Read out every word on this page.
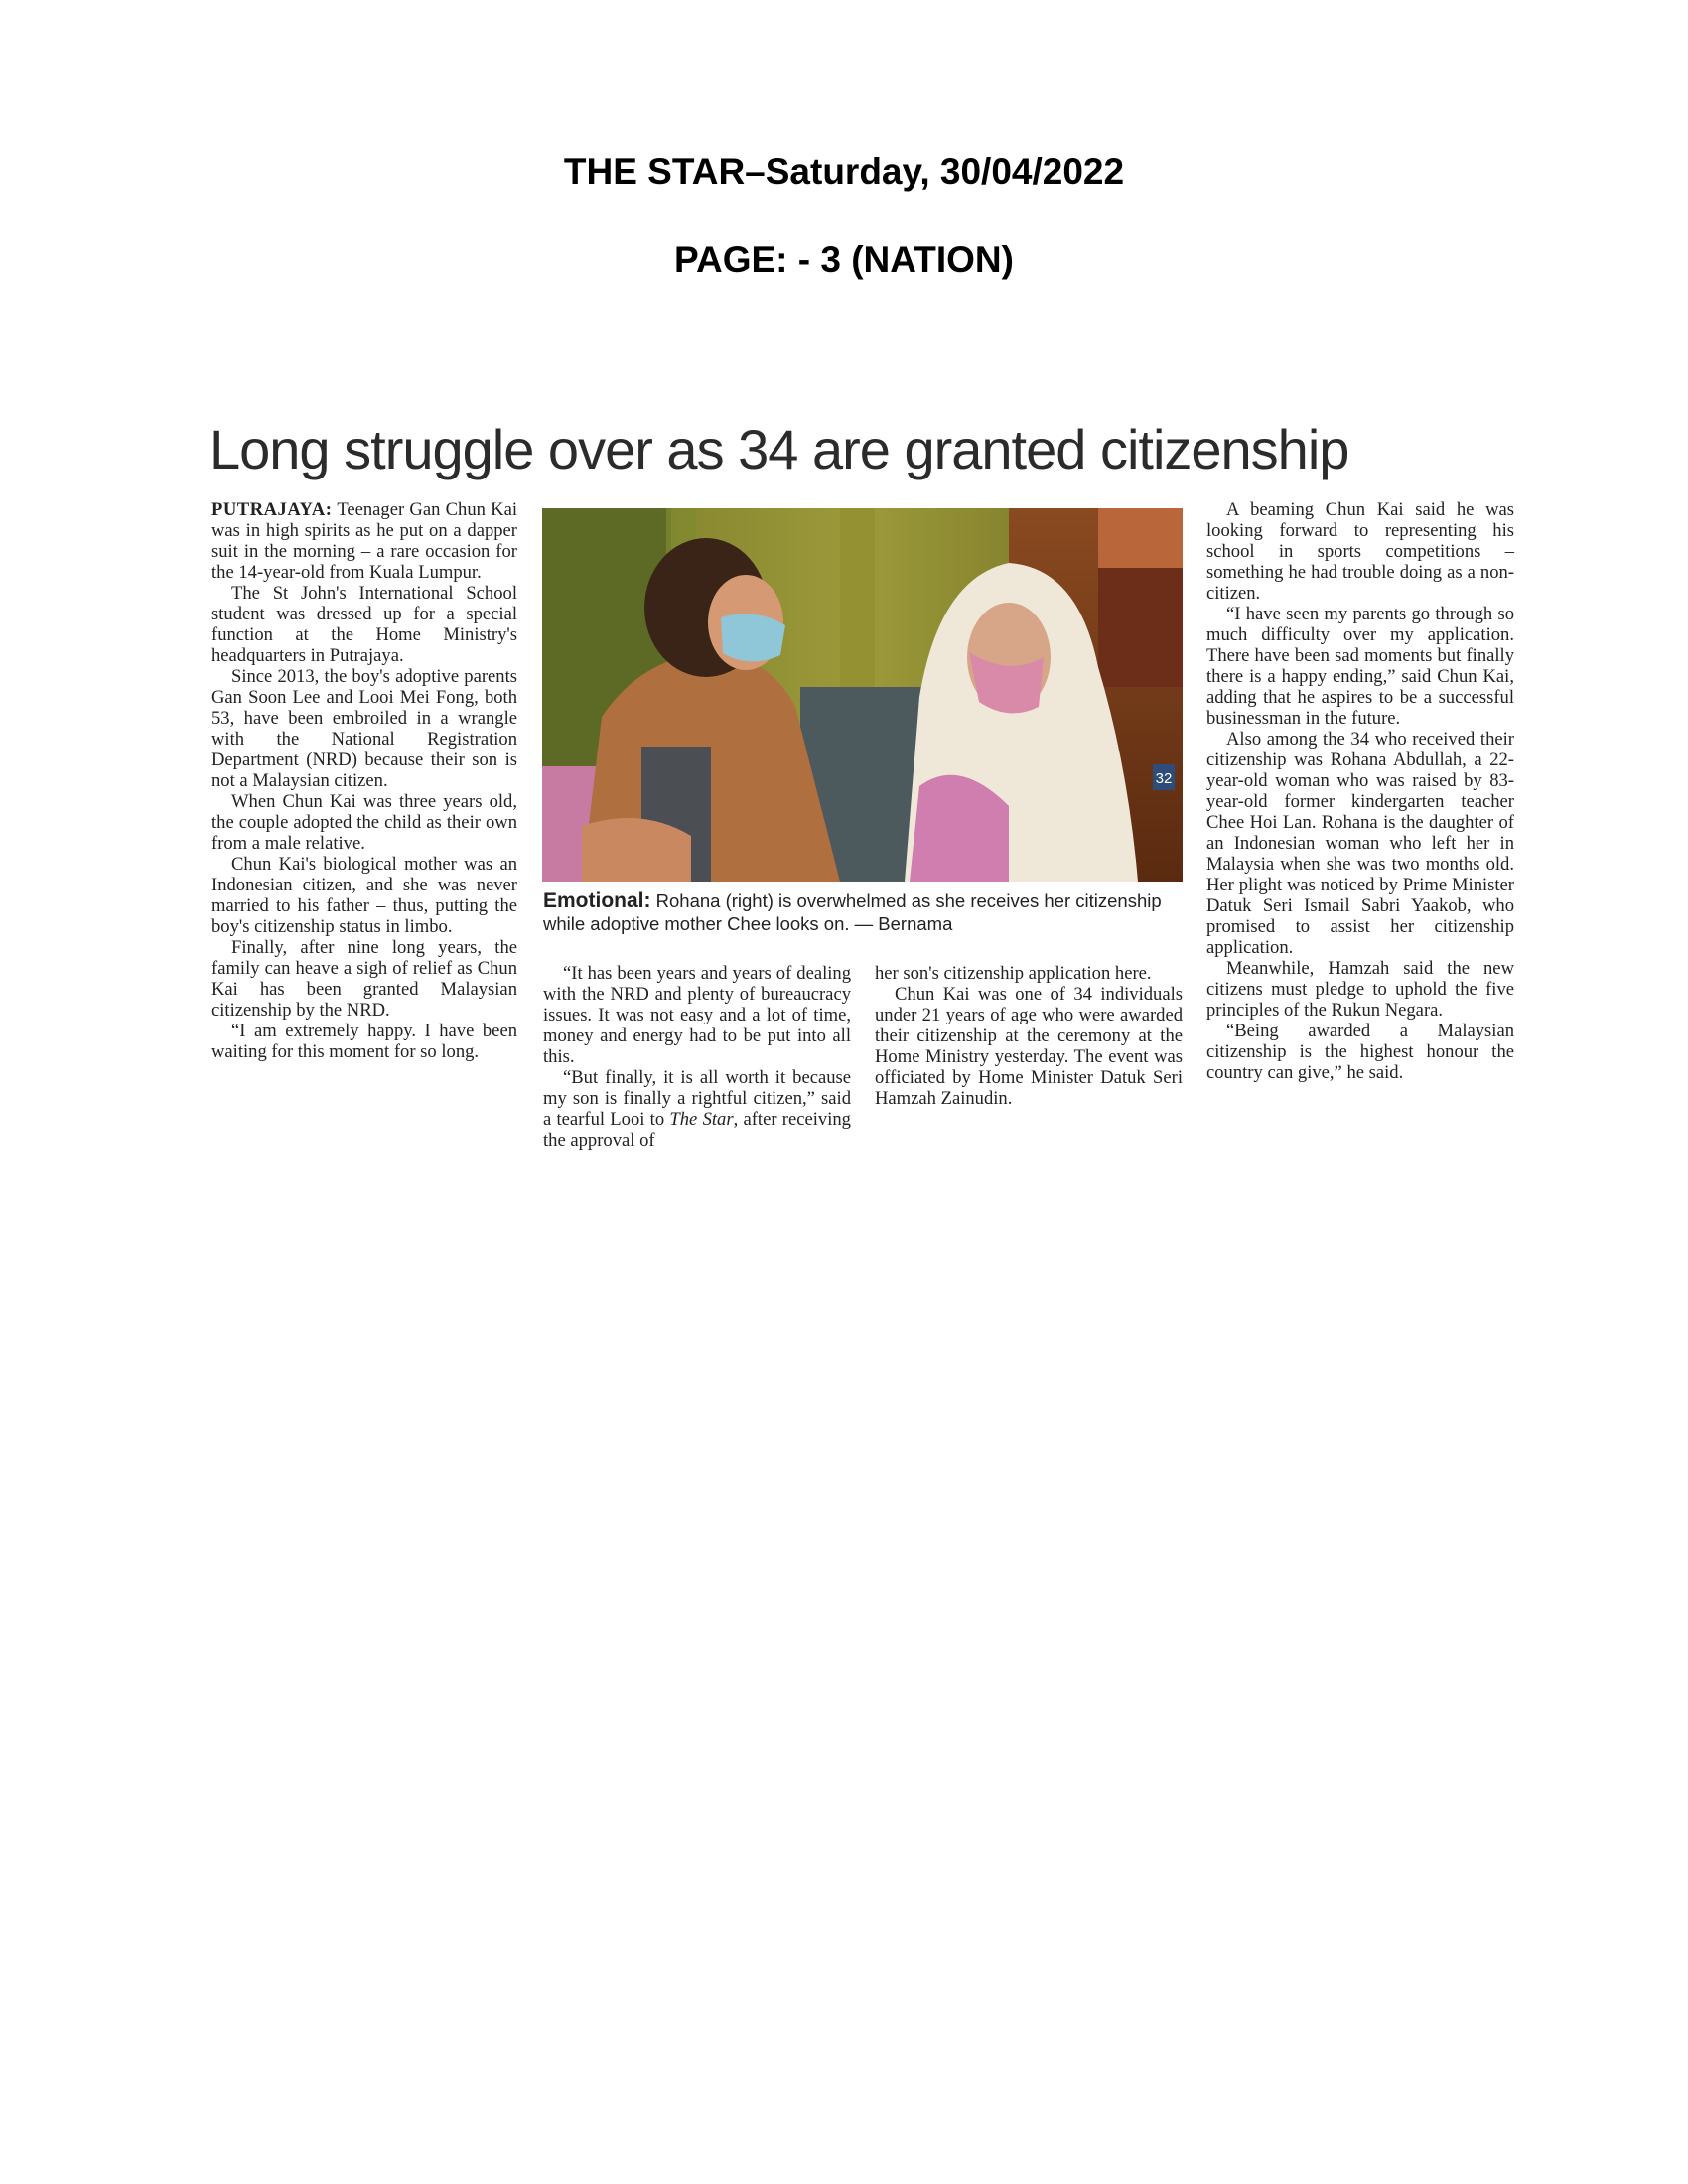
THE STAR–Saturday, 30/04/2022
PAGE: - 3 (NATION)
Long struggle over as 34 are granted citizenship

PUTRAJAYA: Teenager Gan Chun Kai was in high spirits as he put on a dapper suit in the morning – a rare occasion for the 14-year-old from Kuala Lumpur.

The St John's International School student was dressed up for a special function at the Home Ministry's headquarters in Putrajaya.

Since 2013, the boy's adoptive parents Gan Soon Lee and Looi Mei Fong, both 53, have been embroiled in a wrangle with the National Registration Department (NRD) because their son is not a Malaysian citizen.

When Chun Kai was three years old, the couple adopted the child as their own from a male relative.

Chun Kai's biological mother was an Indonesian citizen, and she was never married to his father – thus, putting the boy's citizenship status in limbo.

Finally, after nine long years, the family can heave a sigh of relief as Chun Kai has been granted Malaysian citizenship by the NRD.

“I am extremely happy. I have been waiting for this moment for so long.

32
Emotional: Rohana (right) is overwhelmed as she receives her citizenship while adoptive mother Chee looks on. — Bernama

“It has been years and years of dealing with the NRD and plenty of bureaucracy issues. It was not easy and a lot of time, money and energy had to be put into all this.

“But finally, it is all worth it because my son is finally a rightful citizen,” said a tearful Looi to The Star, after receiving the approval of

her son's citizenship application here.

Chun Kai was one of 34 individuals under 21 years of age who were awarded their citizenship at the ceremony at the Home Ministry yesterday. The event was officiated by Home Minister Datuk Seri Hamzah Zainudin.

A beaming Chun Kai said he was looking forward to representing his school in sports competitions – something he had trouble doing as a non-citizen.

“I have seen my parents go through so much difficulty over my application. There have been sad moments but finally there is a happy ending,” said Chun Kai, adding that he aspires to be a successful businessman in the future.

Also among the 34 who received their citizenship was Rohana Abdullah, a 22-year-old woman who was raised by 83-year-old former kindergarten teacher Chee Hoi Lan. Rohana is the daughter of an Indonesian woman who left her in Malaysia when she was two months old. Her plight was noticed by Prime Minister Datuk Seri Ismail Sabri Yaakob, who promised to assist her citizenship application.

Meanwhile, Hamzah said the new citizens must pledge to uphold the five principles of the Rukun Negara.

“Being awarded a Malaysian citizenship is the highest honour the country can give,” he said.
